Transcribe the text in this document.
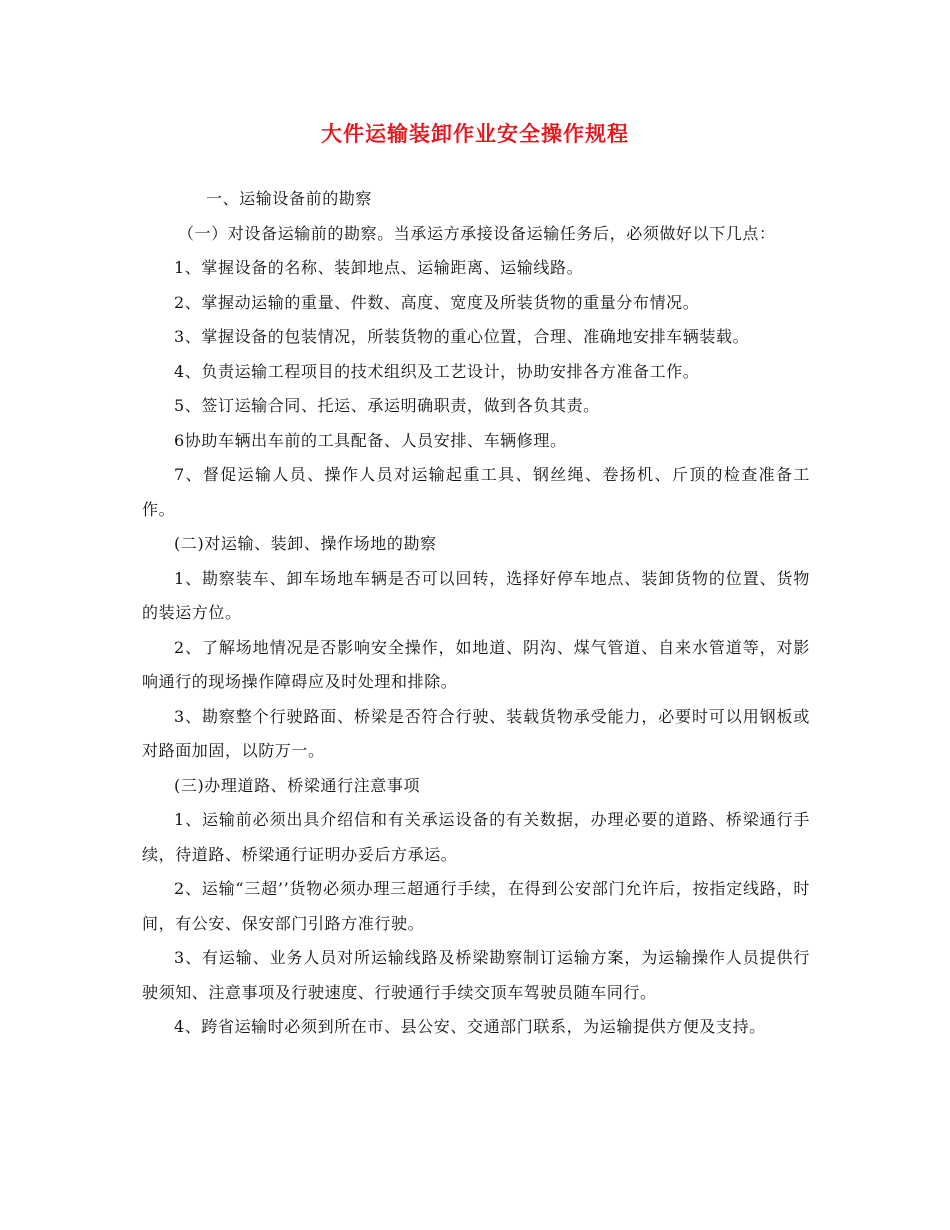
大件运输装卸作业安全操作规程

一、运输设备前的勘察

（一）对设备运输前的勘察。当承运方承接设备运输任务后，必须做好以下几点：

1、掌握设备的名称、装卸地点、运输距离、运输线路。

2、掌握动运输的重量、件数、高度、宽度及所装货物的重量分布情况。

3、掌握设备的包装情况，所装货物的重心位置，合理、准确地安排车辆装载。

4、负责运输工程项目的技术组织及工艺设计，协助安排各方准备工作。

5、签订运输合同、托运、承运明确职责，做到各负其责。

6协助车辆出车前的工具配备、人员安排、车辆修理。

7、督促运输人员、操作人员对运输起重工具、钢丝绳、卷扬机、斤顶的检查准备工作。

(二)对运输、装卸、操作场地的勘察

1、勘察装车、卸车场地车辆是否可以回转，选择好停车地点、装卸货物的位置、货物的装运方位。

2、了解场地情况是否影响安全操作，如地道、阴沟、煤气管道、自来水管道等，对影响通行的现场操作障碍应及时处理和排除。

3、勘察整个行驶路面、桥梁是否符合行驶、装载货物承受能力，必要时可以用钢板或对路面加固，以防万一。

(三)办理道路、桥梁通行注意事项

1、运输前必须出具介绍信和有关承运设备的有关数据，办理必要的道路、桥梁通行手续，待道路、桥梁通行证明办妥后方承运。

2、运输“三超’’货物必须办理三超通行手续，在得到公安部门允许后，按指定线路，时间，有公安、保安部门引路方准行驶。

3、有运输、业务人员对所运输线路及桥梁勘察制订运输方案，为运输操作人员提供行驶须知、注意事项及行驶速度、行驶通行手续交顶车驾驶员随车同行。

4、跨省运输时必须到所在市、县公安、交通部门联系，为运输提供方便及支持。
